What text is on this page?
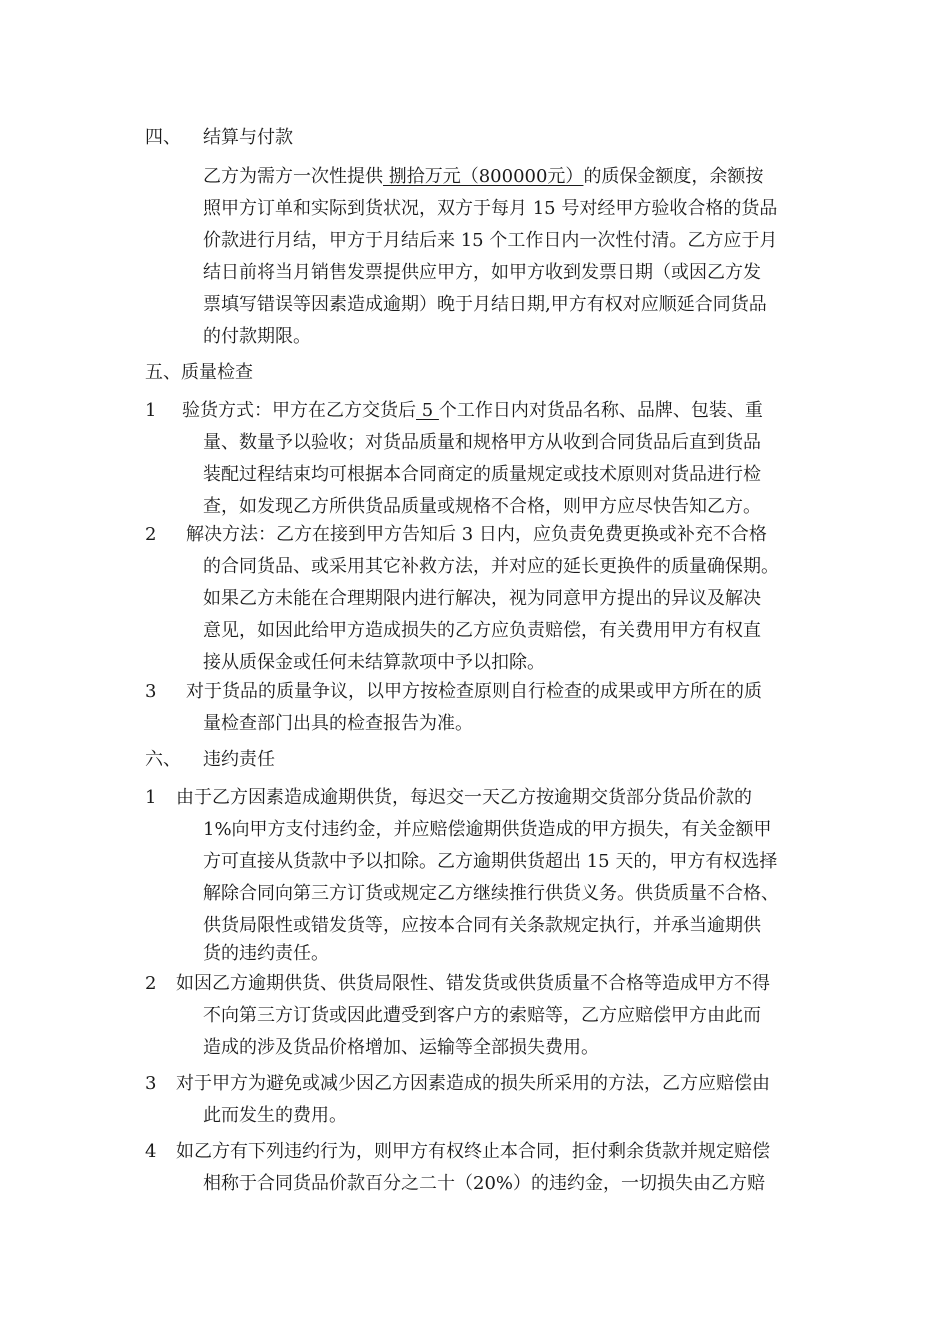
四、 结算与付款
乙方为需方一次性提供 捌拾万元（800000元）的质保金额度，余额按
照甲方订单和实际到货状况，双方于每月 15 号对经甲方验收合格的货品
价款进行月结，甲方于月结后来 15 个工作日内一次性付清。乙方应于月
结日前将当月销售发票提供应甲方，如甲方收到发票日期（或因乙方发
票填写错误等因素造成逾期）晚于月结日期,甲方有权对应顺延合同货品
的付款期限。
五、质量检查
1 验货方式：甲方在乙方交货后 5 个工作日内对货品名称、品牌、包装、重
量、数量予以验收；对货品质量和规格甲方从收到合同货品后直到货品
装配过程结束均可根据本合同商定的质量规定或技术原则对货品进行检
查，如发现乙方所供货品质量或规格不合格，则甲方应尽快告知乙方。
2 解决方法：乙方在接到甲方告知后 3 日内，应负责免费更换或补充不合格
的合同货品、或采用其它补救方法，并对应的延长更换件的质量确保期。
如果乙方未能在合理期限内进行解决，视为同意甲方提出的异议及解决
意见，如因此给甲方造成损失的乙方应负责赔偿，有关费用甲方有权直
接从质保金或任何未结算款项中予以扣除。
3 对于货品的质量争议，以甲方按检查原则自行检查的成果或甲方所在的质
量检查部门出具的检查报告为准。
六、 违约责任
1 由于乙方因素造成逾期供货，每迟交一天乙方按逾期交货部分货品价款的
1%向甲方支付违约金，并应赔偿逾期供货造成的甲方损失，有关金额甲
方可直接从货款中予以扣除。乙方逾期供货超出 15 天的，甲方有权选择
解除合同向第三方订货或规定乙方继续推行供货义务。供货质量不合格、
供货局限性或错发货等，应按本合同有关条款规定执行，并承当逾期供
货的违约责任。
2 如因乙方逾期供货、供货局限性、错发货或供货质量不合格等造成甲方不得
不向第三方订货或因此遭受到客户方的索赔等，乙方应赔偿甲方由此而
造成的涉及货品价格增加、运输等全部损失费用。
3 对于甲方为避免或减少因乙方因素造成的损失所采用的方法，乙方应赔偿由
此而发生的费用。
4 如乙方有下列违约行为，则甲方有权终止本合同，拒付剩余货款并规定赔偿
相称于合同货品价款百分之二十（20%）的违约金，一切损失由乙方赔
